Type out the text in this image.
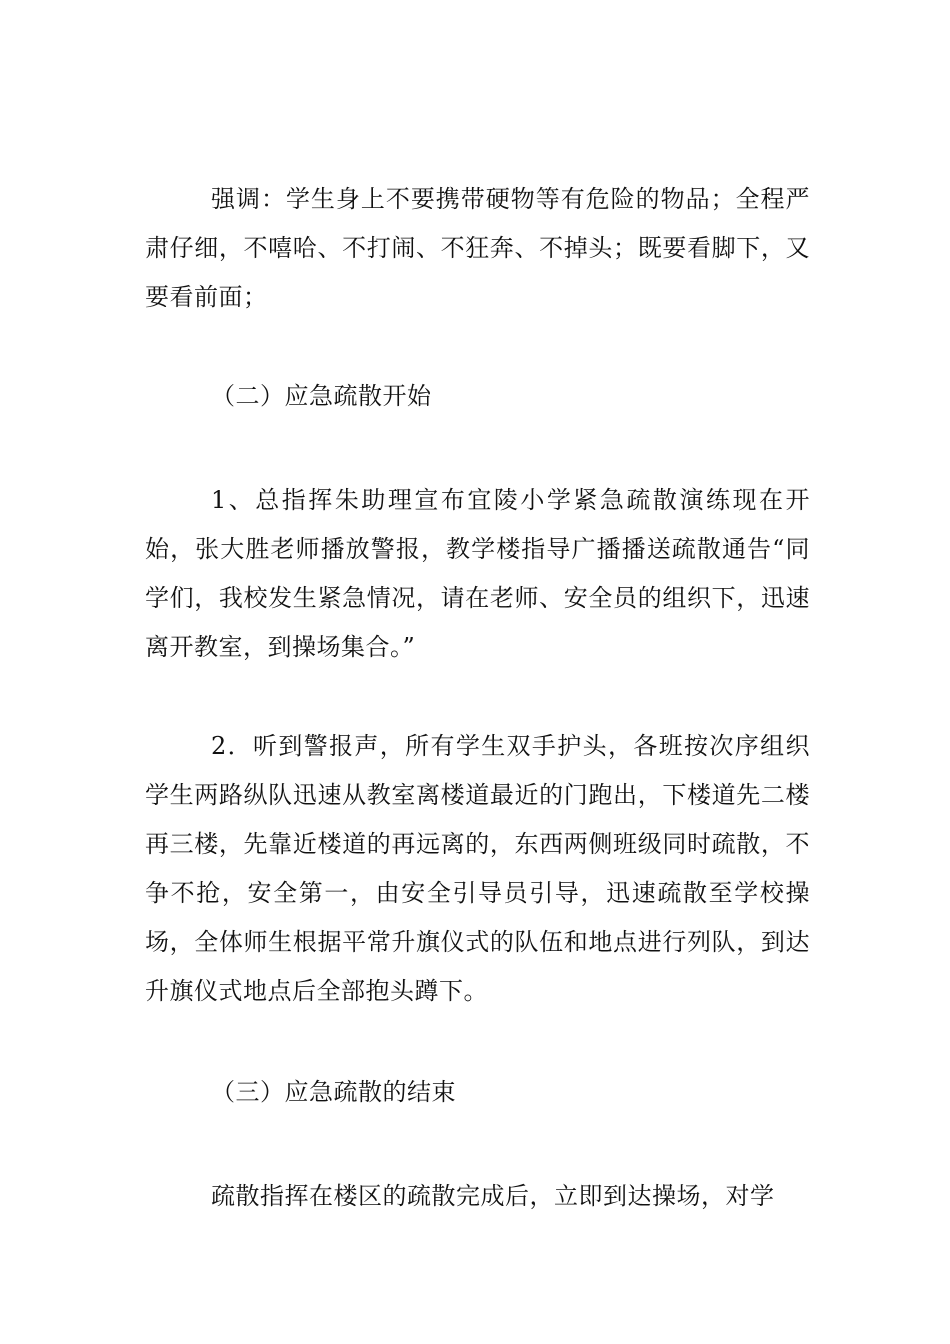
强调：学生身上不要携带硬物等有危险的物品；全程严肃仔细，不嘻哈、不打闹、不狂奔、不掉头；既要看脚下，又要看前面；

（二）应急疏散开始

1、总指挥朱助理宣布宜陵小学紧急疏散演练现在开始，张大胜老师播放警报，教学楼指导广播播送疏散通告“同学们，我校发生紧急情况，请在老师、安全员的组织下，迅速离开教室，到操场集合。”

2．听到警报声，所有学生双手护头，各班按次序组织学生两路纵队迅速从教室离楼道最近的门跑出，下楼道先二楼再三楼，先靠近楼道的再远离的，东西两侧班级同时疏散，不争不抢，安全第一，由安全引导员引导，迅速疏散至学校操场，全体师生根据平常升旗仪式的队伍和地点进行列队，到达升旗仪式地点后全部抱头蹲下。

（三）应急疏散的结束

疏散指挥在楼区的疏散完成后，立即到达操场，对学
